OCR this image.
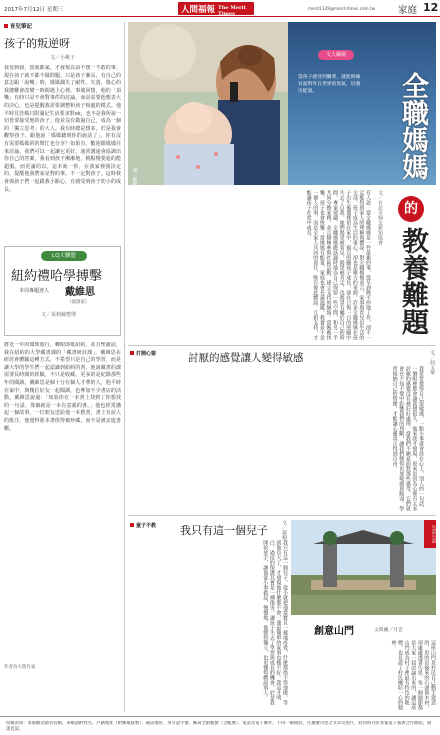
2017年7月12日 星期三	人間福報 The Merit Times
merit1129@merit-times.com.tw 家庭 12
育兒筆記
孩子的叛逆呀
文／小桃子
我母到我，當我都家，才發現以前不想一不敢的事，現在孩子就不都不做問題。只是孩子漸長，有自己的意志跟「說嘴」時，媽媽偶失了耐性。失落，傷心的我總難會改變一時間遇上心裡。事後回想，他的「頂嘴」有時只是不會對事件的討論，而是需要他想表大的決心，也是提醒我需要調整和孩子相處的模式。他平時見管媽只限滿足生活要求對ok，也不是我所說一切皆要接受他的孩子。他並沒有做過自己，成為一個的「獨立思考」的大人。我有時總是想多，於是我會觀察孩子、跟他說「媽媽聽到你的說話了」，你有沒有需要媽媽的的幫忙也分享？如果有，歡迎跟媽媽往來討論，我們可以一起讓它更好。通常溝通會協調出你自己的答案，我看到孩子漸漸地，稍點慢要進的能超服，而更滿的以。這本就一你，在我家裡我決定的，提醒他我們家是對的事，不一定對孩子。這時我會與孩子們一起跟我小點心，有感受到孩子幼小的成長。
LQ大聯盟
紐約禮哈學搏擊
本周專題達人 戴維思
（演說家）
文／某莉絲整理
將近一年的環球旅行，轉眼即抵紐約，並且聖誕前，我在紐約的大學藏書課的「藏書研討課」。戴維思在研討會體驗這種方式，不希望只是自己的學習，而是讓大學的學生們一起認識到紐約的書。他說藏書的課需要長時間的經驗，不只是收藏，更多的是紀錄那些年的閱讀。戴維思是個十分有個人才華的人，他平時在家中，與幾位好友一起閱讀，也參加不少書店的活動。戴維思說過：「如果你在一本書上找到了你想找的一句話，那個就是一本有意義的書。」他也經常講起一個故事，一位朋友送給他一本舊書，書上有前人的批注，他覺得那本書值得被珍藏，而不是被丟進書櫃。
作者為大陸作家
圖／翻攝
文人職場
當孩子感受到關愛，就能夠擁有面對外在世界的勇氣，培養出能量。	全職媽媽
的
教養難題
文／台北市婦女新知協會
有人說：當全職媽媽是一件最累的事，從早到晚不停地工作，卻不一定能得到家人的理解與體諒。對全職媽媽而言，家事與育兒是生活的全部，孩子成為生活的重心，卻也是壓力的來源。許多全職媽媽在孩子出生後選擇留在家中，親自照顧孩子成長，卻在日復一日的照顧中失去了自我。她們渴望被看見，渴望被肯定，也渴望有屬於自己的時間。專家建議，全職媽媽應該適時地為自己保留一些空間，和另一半共同分擔家務，並且積極參與社區活動，建立支持的網絡。當媽媽快樂，孩子也會快樂；當媽媽有能量，家庭也會充滿溫暖。教養並不是一個人的事，而是全家人共同的責任，唯有彼此體諒、互相支持，才能讓孩子在愛中成長。
打開心窗	討厭的感覺讓人變得敏感	文／何玉華
我常常覺得自己很敏感，一點小事就會放在心上，別人的一句話、一個眼神都會讓我想很久。後來我才發現，原來是因為心裡有太多討厭的感覺沒有被好好處理。當我們不願意面對那些感受，它們就會在不知不覺中影響我們的判斷，讓我們變得更加敏感與脆弱。學習接納自己的情緒，才能讓心靈真正得到自由。
童子不教 我只有這一個兒子	文／郝梅
我只有這一個兒子，從小就把他當寶貝一樣地疼愛，什麼都捨不得他做。等到他長大了，才發現他什麼都不會，連最簡單的家事也做不好。我這才明白，過度的保護其實是一種傷害，讓孩子失去了學習與成長的機會。於是我開始放手，讓他從小事做起，慢慢地，他變得獨立，也更懂得體諒別人。
生活小語
創意山門	文與圖／月雲
這座山門是村民自己動手建造的，用的是撿來的石頭與木材，卻處處透著巧思。每一個細節都是大家一起討論出來的，讓這座山門成為村子裡最有特色的地標，也見證了村民團結一心的精神。
投稿須知：本版歡迎讀者投稿，來稿請附姓名、戶籍地址（附郵遞區號）、通訊地址、身分證字號、郵局全銜帳號（含帳號）、電話及電子郵件，不得一稿兩投，凡獲選刊登之文章及照片，將同時刊於本報電子報與合作網站，敬請見諒。
